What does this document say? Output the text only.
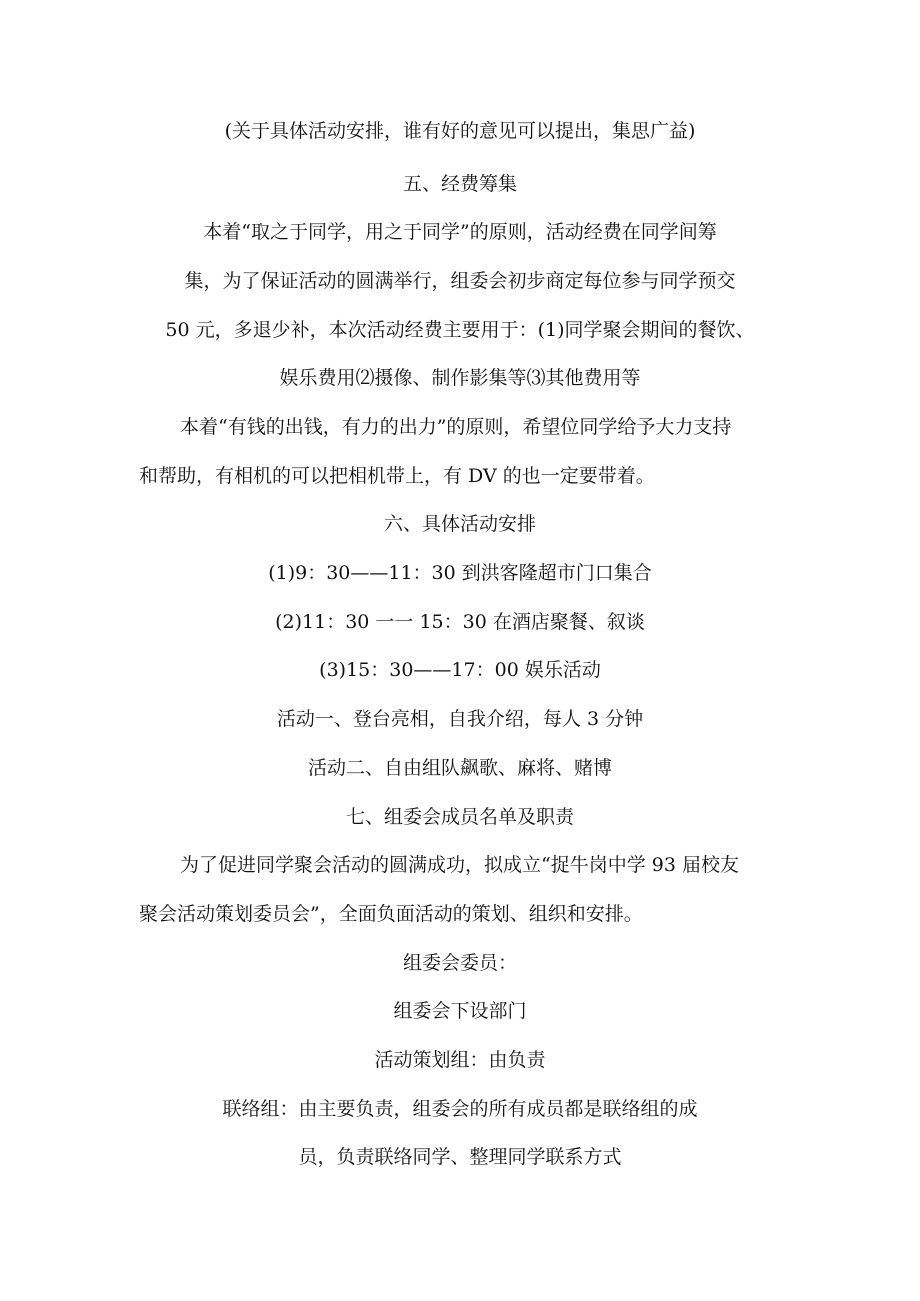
(关于具体活动安排，谁有好的意见可以提出，集思广益)
五、经费筹集
本着“取之于同学，用之于同学”的原则，活动经费在同学间筹
集，为了保证活动的圆满举行，组委会初步商定每位参与同学预交
50 元，多退少补，本次活动经费主要用于：(1)同学聚会期间的餐饮、
娱乐费用⑵摄像、制作影集等⑶其他费用等
本着“有钱的出钱，有力的出力”的原则，希望位同学给予大力支持
和帮助，有相机的可以把相机带上，有 DV 的也一定要带着。
六、具体活动安排
(1)9：30——11：30 到洪客隆超市门口集合
(2)11：30 一一 15：30 在酒店聚餐、叙谈
(3)15：30——17：00 娱乐活动
活动一、登台亮相，自我介绍，每人 3 分钟
活动二、自由组队飙歌、麻将、赌博
七、组委会成员名单及职责
为了促进同学聚会活动的圆满成功，拟成立“捉牛岗中学 93 届校友
聚会活动策划委员会”，全面负面活动的策划、组织和安排。
组委会委员：
组委会下设部门
活动策划组：由负责
联络组：由主要负责，组委会的所有成员都是联络组的成
员，负责联络同学、整理同学联系方式
